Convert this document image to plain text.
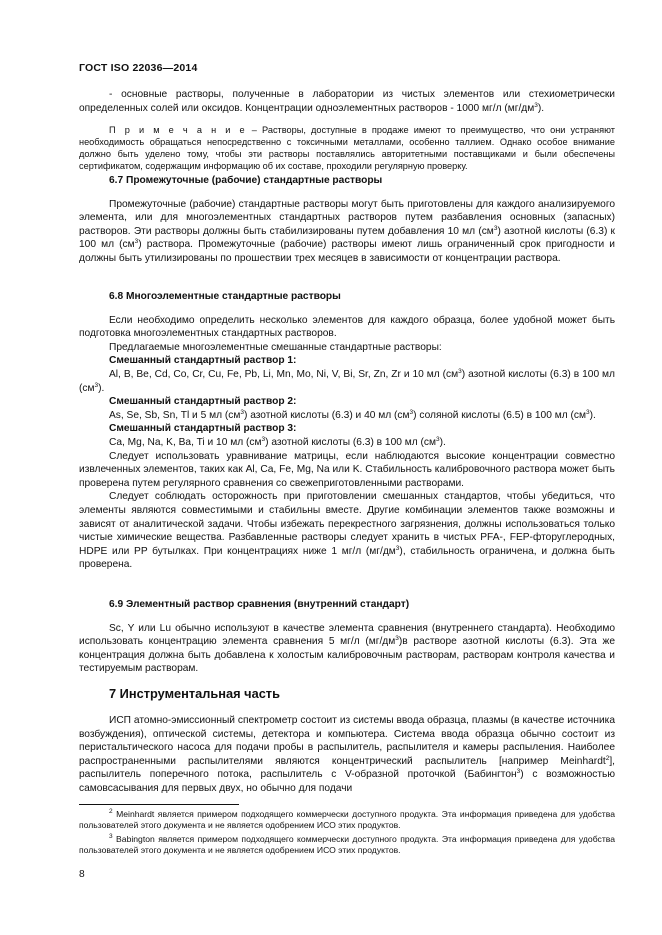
ГОСТ ISO 22036—2014

- основные растворы, полученные в лаборатории из чистых элементов или стехиометрически определенных солей или оксидов. Концентрации одноэлементных растворов - 1000 мг/л $(мг/дм^3)$.

П р и м е ч а н и е – Растворы, доступные в продаже имеют то преимущество, что они устраняют необходимость обращаться непосредственно с токсичными металлами, особенно таллием. Однако особое внимание должно быть уделено тому, чтобы эти растворы поставлялись авторитетными поставщиками и были обеспечены сертификатом, содержащим информацию об их составе, проходили регулярную проверку.

6.7 Промежуточные (рабочие) стандартные растворы

Промежуточные (рабочие) стандартные растворы могут быть приготовлены для каждого анализируемого элемента, или для многоэлементных стандартных растворов путем разбавления основных (запасных) растворов. Эти растворы должны быть стабилизированы путем добавления 10 мл $(см^3)$ азотной кислоты (6.3) к 100 мл $(см^3)$ раствора. Промежуточные (рабочие) растворы имеют лишь ограниченный срок пригодности и должны быть утилизированы по прошествии трех месяцев в зависимости от концентрации раствора.

6.8 Многоэлементные стандартные растворы

Если необходимо определить несколько элементов для каждого образца, более удобной может быть подготовка многоэлементных стандартных растворов.

Предлагаемые многоэлементные смешанные стандартные растворы:

Смешанный стандартный раствор 1:

Al, B, Be, Cd, Co, Cr, Cu, Fe, Pb, Li, Mn, Mo, Ni, V, Bi, Sr, Zn, Zr и 10 мл $(см^3)$ азотной кислоты (6.3) в 100 мл $(см^3)$.

Смешанный стандартный раствор 2:

As, Se, Sb, Sn, Tl и 5 мл $(см^3)$ азотной кислоты (6.3) и 40 мл $(см^3)$ соляной кислоты (6.5) в 100 мл $(см^3)$.

Смешанный стандартный раствор 3:

Ca, Mg, Na, K, Ba, Ti и 10 мл $(см^3)$ азотной кислоты (6.3) в 100 мл $(см^3)$.

Следует использовать уравнивание матрицы, если наблюдаются высокие концентрации совместно извлеченных элементов, таких как Al, Ca, Fe, Mg, Na или K. Стабильность калибровочного раствора может быть проверена путем регулярного сравнения со свежеприготовленными растворами.

Следует соблюдать осторожность при приготовлении смешанных стандартов, чтобы убедиться, что элементы являются совместимыми и стабильны вместе. Другие комбинации элементов также возможны и зависят от аналитической задачи. Чтобы избежать перекрестного загрязнения, должны использоваться только чистые химические вещества. Разбавленные растворы следует хранить в чистых PFA-, FEP-фторуглеродных, HDPE или PP бутылках. При концентрациях ниже 1 мг/л $(мг/дм^3)$, стабильность ограничена, и должна быть проверена.

6.9 Элементный раствор сравнения (внутренний стандарт)

Sc, Y или Lu обычно используют в качестве элемента сравнения (внутреннего стандарта). Необходимо использовать концентрацию элемента сравнения 5 мг/л $(мг/дм^3)в$ растворе азотной кислоты (6.3). Эта же концентрация должна быть добавлена к холостым калибровочным растворам, растворам контроля качества и тестируемым растворам.

7 Инструментальная часть

ИСП атомно-эмиссионный спектрометр состоит из системы ввода образца, плазмы (в качестве источника возбуждения), оптической системы, детектора и компьютера. Система ввода образца обычно состоит из перистальтического насоса для подачи пробы в распылитель, распылителя и камеры распыления. Наиболее распространенными распылителями являются концентрический распылитель [например Meinhardt$^2$], распылитель поперечного потока, распылитель с V-образной проточкой (Бабингтон$^3$) с возможностью самовсасывания для первых двух, но обычно для подачи

$^2$ Meinhardt является примером подходящего коммерчески доступного продукта. Эта информация приведена для удобства пользователей этого документа и не является одобрением ИСО этих продуктов.

$^3$ Babington является примером подходящего коммерчески доступного продукта. Эта информация приведена для удобства пользователей этого документа и не является одобрением ИСО этих продуктов.

8
